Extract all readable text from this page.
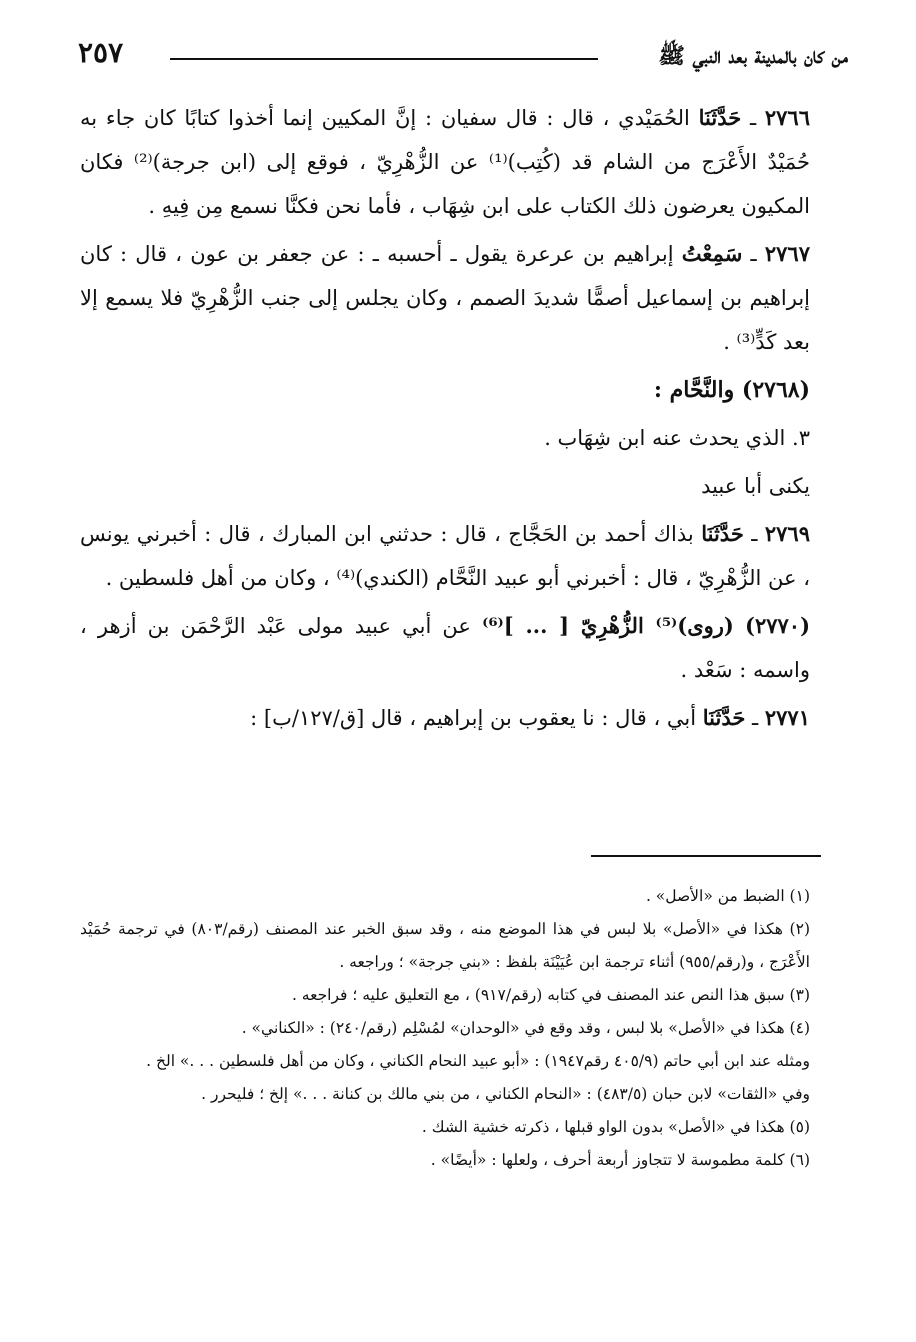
من كان بالمدينة بعد النبي ﷺ
٢٥٧

٢٧٦٦ ـ حَدَّثَنَا الحُمَيْدي ، قال : قال سفيان : إنَّ المكيين إنما أخذوا كتابًا كان جاء به حُمَيْدٌ الأَعْرَج من الشام قد (كُتِب)⁽¹⁾ عن الزُّهْرِيّ ، فوقع إلى (ابن جرجة)⁽²⁾ فكان المكيون يعرضون ذلك الكتاب على ابن شِهَاب ، فأما نحن فكنَّا نسمع مِن فِيهِ .

٢٧٦٧ ـ سَمِعْتُ إبراهيم بن عرعرة يقول ـ أحسبه ـ : عن جعفر بن عون ، قال : كان إبراهيم بن إسماعيل أصمًّا شديدَ الصمم ، وكان يجلس إلى جنب الزُّهْرِيّ فلا يسمع إلا بعد كَدٍّ⁽³⁾ .

(٢٧٦٨) والنَّحَّام :

٣. الذي يحدث عنه ابن شِهَاب .

يكنى أبا عبيد

٢٧٦٩ ـ حَدَّثَنَا بذاك أحمد بن الحَجَّاج ، قال : حدثني ابن المبارك ، قال : أخبرني يونس ، عن الزُّهْرِيّ ، قال : أخبرني أبو عبيد النَّحَّام (الكندي)⁽⁴⁾ ، وكان من أهل فلسطين .

(٢٧٧٠) (روى)⁽⁵⁾ الزُّهْرِيّ [ ... ]⁽⁶⁾ عن أبي عبيد مولى عَبْد الرَّحْمَن بن أزهر ، واسمه : سَعْد .

٢٧٧١ ـ حَدَّثَنَا أبي ، قال : نا يعقوب بن إبراهيم ، قال [ق/١٢٧/ب] :

(١) الضبط من «الأصل» .

(٢) هكذا في «الأصل» بلا لبس في هذا الموضع منه ، وقد سبق الخبر عند المصنف (رقم/٨٠٣) في ترجمة حُمَيْد الأَعْرَج ، و(رقم/٩٥٥) أثناء ترجمة ابن عُيَيْنَة بلفظ : «بني جرجة» ؛ وراجعه .

(٣) سبق هذا النص عند المصنف في كتابه (رقم/٩١٧) ، مع التعليق عليه ؛ فراجعه .

(٤) هكذا في «الأصل» بلا لبس ، وقد وقع في «الوحدان» لمُسْلِم (رقم/٢٤٠) : «الكناني» .

ومثله عند ابن أبي حاتم (٤٠٥/٩ رقم١٩٤٧) : «أبو عبيد النحام الكناني ، وكان من أهل فلسطين . . .» الخ .

وفي «الثقات» لابن حبان (٤٨٣/٥) : «النحام الكناني ، من بني مالك بن كنانة . . .» إلخ ؛ فليحرر .

(٥) هكذا في «الأصل» بدون الواو قبلها ، ذكرته خشية الشك .

(٦) كلمة مطموسة لا تتجاوز أربعة أحرف ، ولعلها : «أيضًا» .
